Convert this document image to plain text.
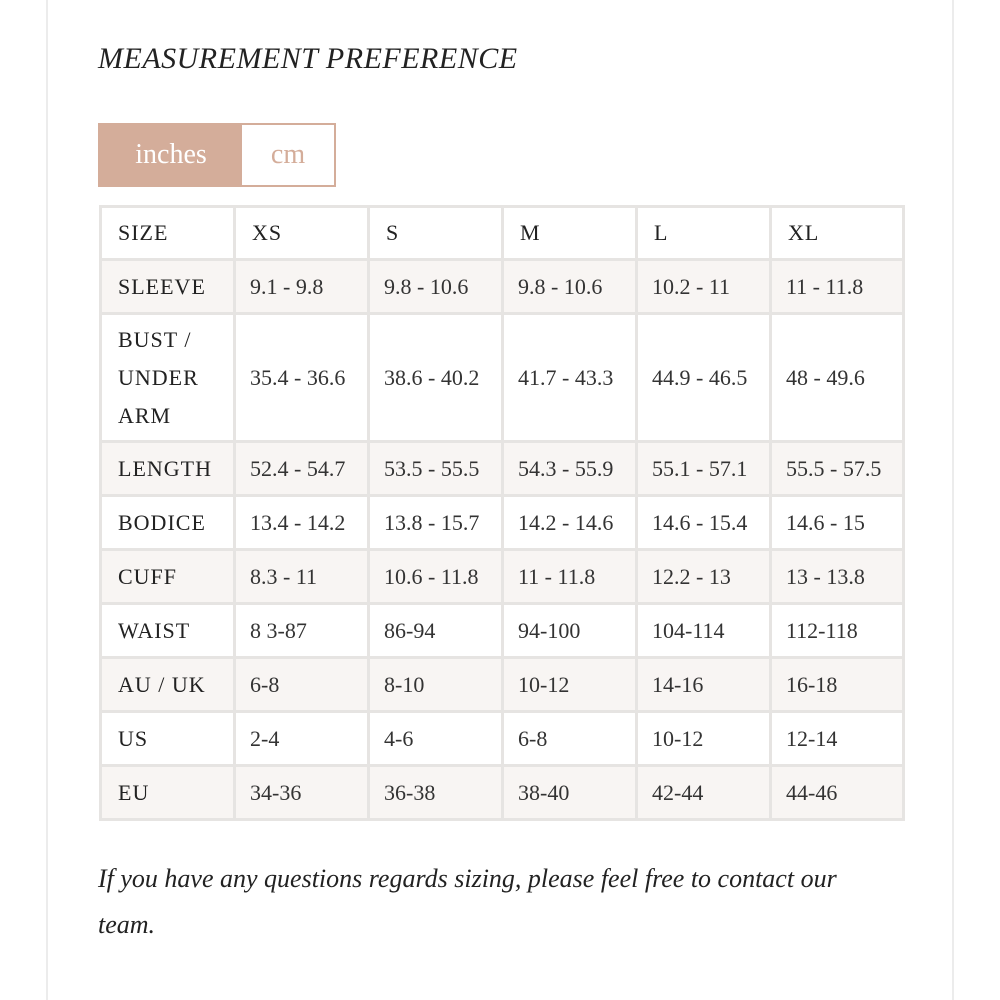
MEASUREMENT PREFERENCE
inches	cm
SIZE	XS	S	M	L	XL
SLEEVE	9.1 - 9.8	9.8 - 10.6	9.8 - 10.6	10.2 - 11	11 - 11.8

BUST /
UNDER
ARM	35.4 - 36.6	38.6 - 40.2	41.7 - 43.3	44.9 - 46.5	48 - 49.6
LENGTH	52.4 - 54.7	53.5 - 55.5	54.3 - 55.9	55.1 - 57.1	55.5 - 57.5
BODICE	13.4 - 14.2	13.8 - 15.7	14.2 - 14.6	14.6 - 15.4	14.6 - 15
CUFF	8.3 - 11	10.6 - 11.8	11 - 11.8	12.2 - 13	13 - 13.8
WAIST	8 3-87	86-94	94-100	104-114	112-118
AU / UK	6-8	8-10	10-12	14-16	16-18
US	2-4	4-6	6-8	10-12	12-14
EU	34-36	36-38	38-40	42-44	44-46
If you have any questions regards sizing, please feel free to contact our team.
